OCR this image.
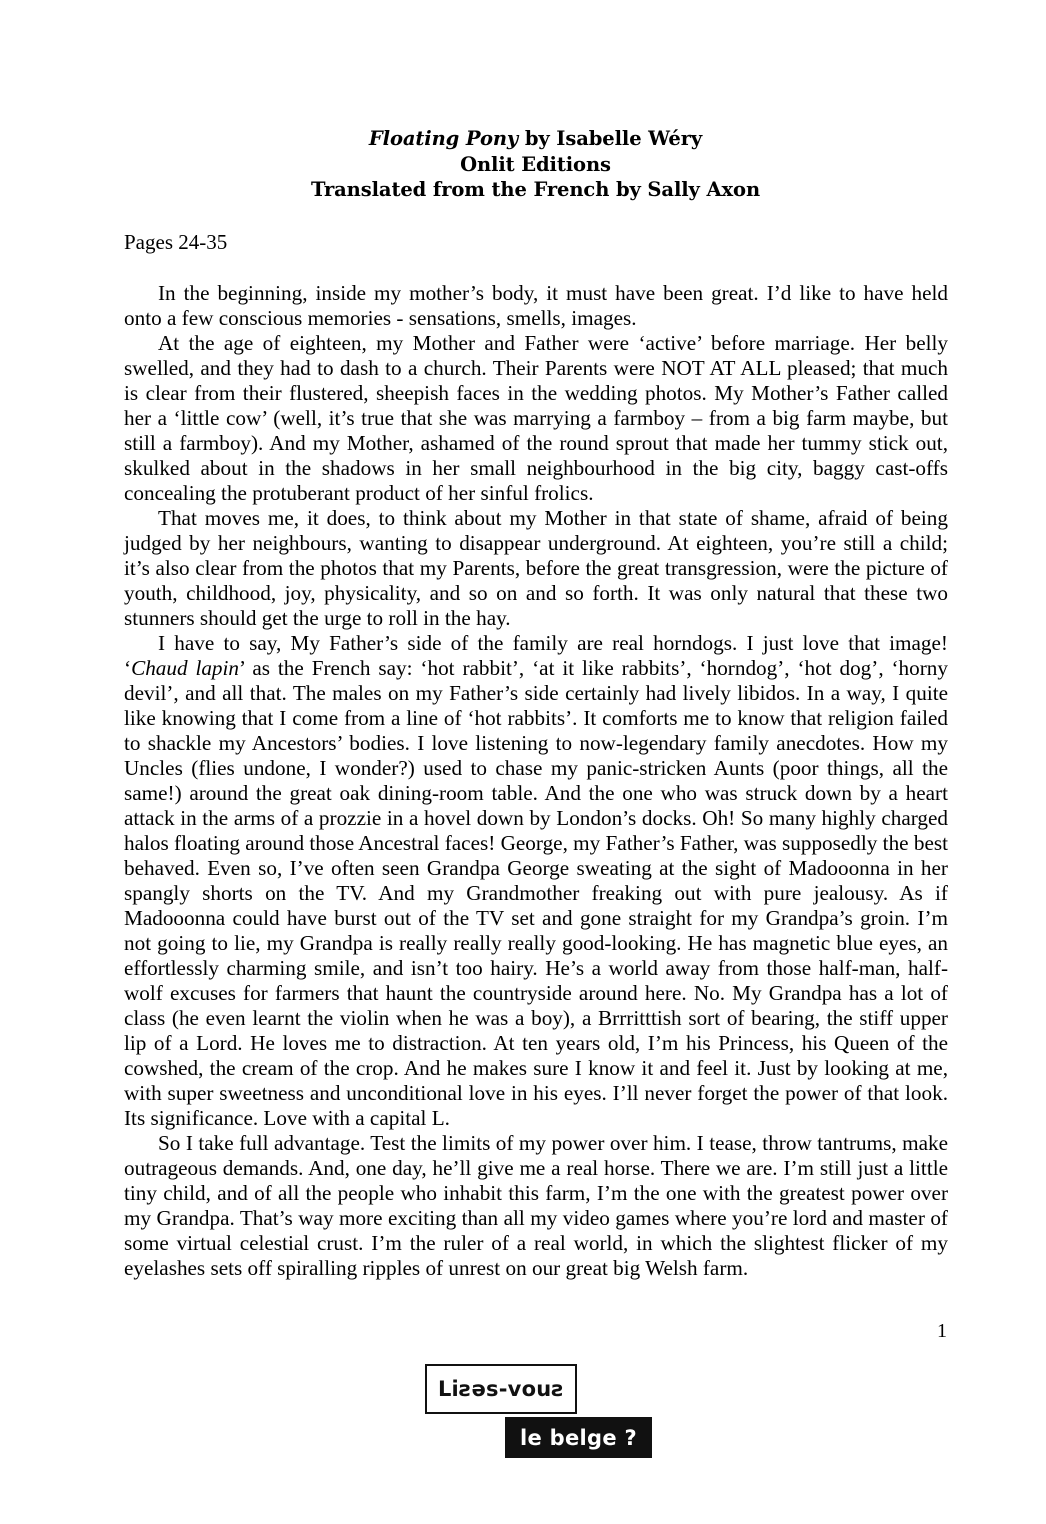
Floating Pony by Isabelle Wéry
Onlit Editions
Translated from the French by Sally Axon
Pages 24-35

In the beginning, inside my mother’s body, it must have been great. I’d like to have held onto a few conscious memories - sensations, smells, images.

At the age of eighteen, my Mother and Father were ‘active’ before marriage. Her belly swelled, and they had to dash to a church. Their Parents were NOT AT ALL pleased; that much is clear from their flustered, sheepish faces in the wedding photos. My Mother’s Father called her a ‘little cow’ (well, it’s true that she was marrying a farmboy – from a big farm maybe, but still a farmboy). And my Mother, ashamed of the round sprout that made her tummy stick out, skulked about in the shadows in her small neighbourhood in the big city, baggy cast-offs concealing the protuberant product of her sinful frolics.

That moves me, it does, to think about my Mother in that state of shame, afraid of being judged by her neighbours, wanting to disappear underground. At eighteen, you’re still a child; it’s also clear from the photos that my Parents, before the great transgression, were the picture of youth, childhood, joy, physicality, and so on and so forth. It was only natural that these two stunners should get the urge to roll in the hay.

I have to say, My Father’s side of the family are real horndogs. I just love that image! ‘Chaud lapin’ as the French say: ‘hot rabbit’, ‘at it like rabbits’, ‘horndog’, ‘hot dog’, ‘horny devil’, and all that. The males on my Father’s side certainly had lively libidos. In a way, I quite like knowing that I come from a line of ‘hot rabbits’. It comforts me to know that religion failed to shackle my Ancestors’ bodies. I love listening to now-legendary family anecdotes. How my Uncles (flies undone, I wonder?) used to chase my panic-stricken Aunts (poor things, all the same!) around the great oak dining-room table. And the one who was struck down by a heart attack in the arms of a prozzie in a hovel down by London’s docks. Oh! So many highly charged halos floating around those Ancestral faces! George, my Father’s Father, was supposedly the best behaved. Even so, I’ve often seen Grandpa George sweating at the sight of Madooonna in her spangly shorts on the TV. And my Grandmother freaking out with pure jealousy. As if Madooonna could have burst out of the TV set and gone straight for my Grandpa’s groin. I’m not going to lie, my Grandpa is really really really good-looking. He has magnetic blue eyes, an effortlessly charming smile, and isn’t too hairy. He’s a world away from those half-man, half-wolf excuses for farmers that haunt the countryside around here. No. My Grandpa has a lot of class (he even learnt the violin when he was a boy), a Brrritttish sort of bearing, the stiff upper lip of a Lord. He loves me to distraction. At ten years old, I’m his Princess, his Queen of the cowshed, the cream of the crop. And he makes sure I know it and feel it. Just by looking at me, with super sweetness and unconditional love in his eyes. I’ll never forget the power of that look. Its significance. Love with a capital L.

So I take full advantage. Test the limits of my power over him. I tease, throw tantrums, make outrageous demands. And, one day, he’ll give me a real horse. There we are. I’m still just a little tiny child, and of all the people who inhabit this farm, I’m the one with the greatest power over my Grandpa. That’s way more exciting than all my video games where you’re lord and master of some virtual celestial crust. I’m the ruler of a real world, in which the slightest flicker of my eyelashes sets off spiralling ripples of unrest on our great big Welsh farm.

1
Liƨǝs-vouƨ
le belge ?
